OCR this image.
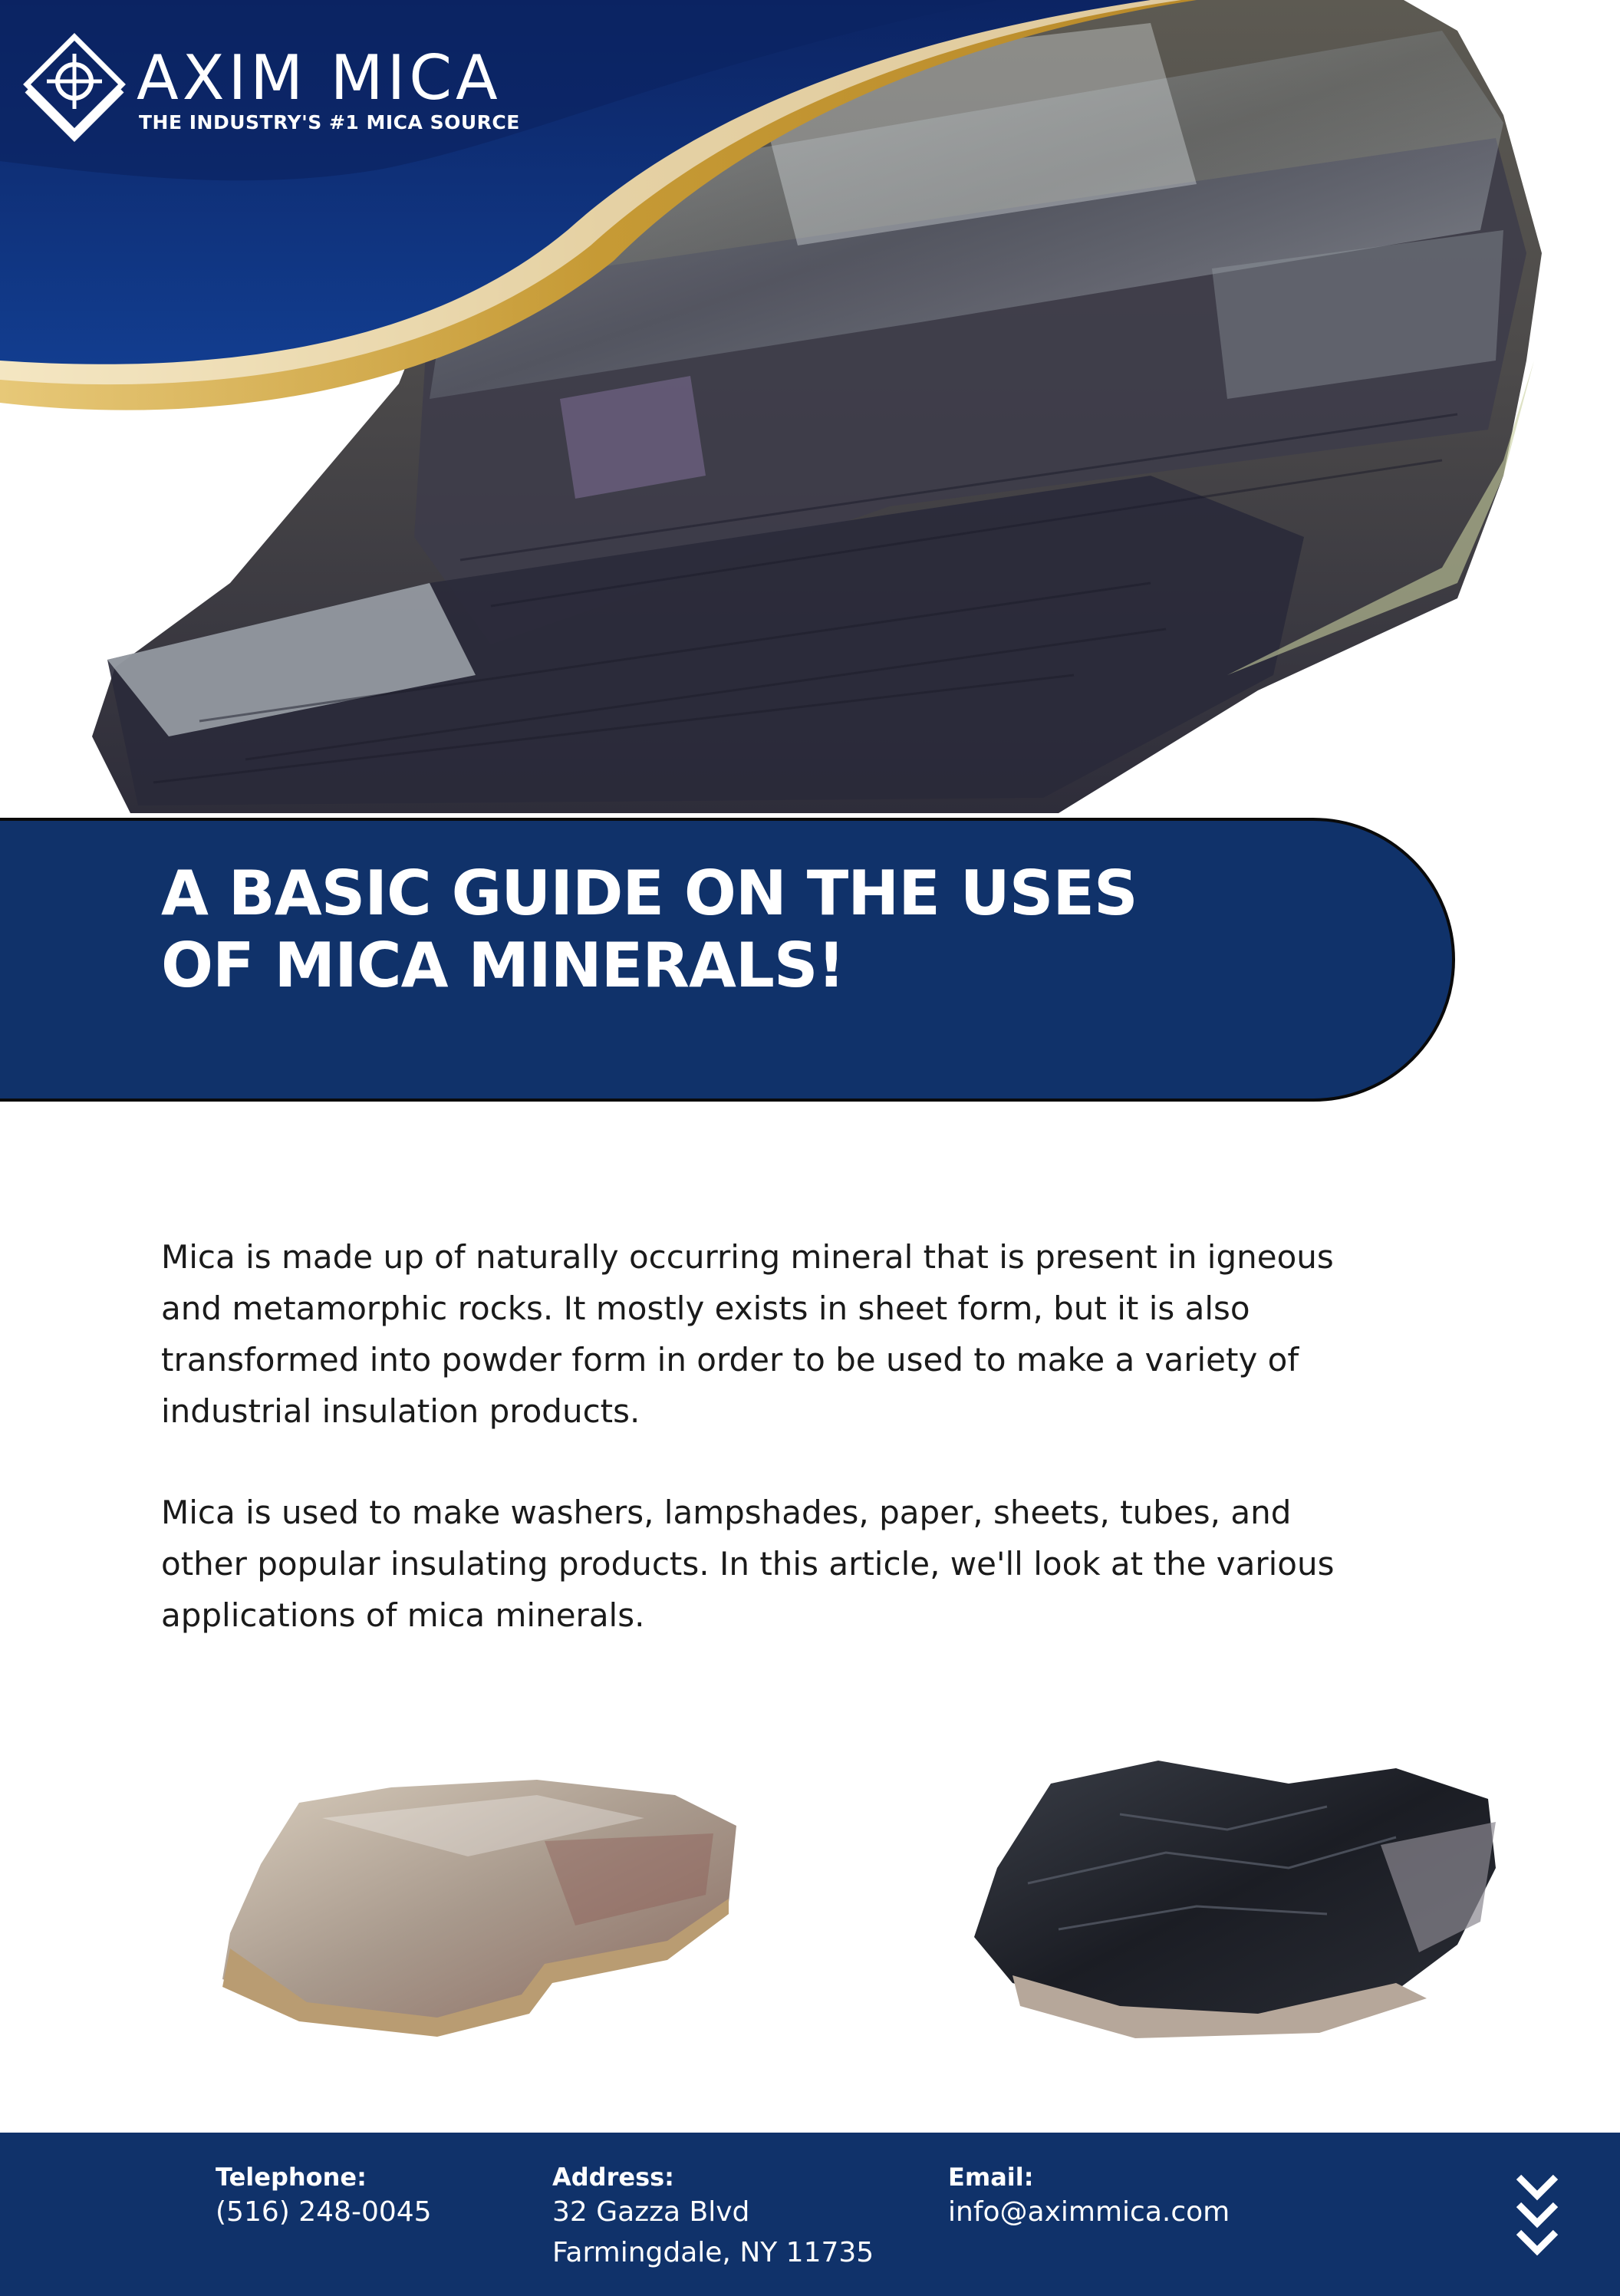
AXIM MICA
THE INDUSTRY'S #1 MICA SOURCE
A BASIC GUIDE ON THE USES
OF MICA MINERALS!
Mica is made up of naturally occurring mineral that is present in igneous
and metamorphic rocks. It mostly exists in sheet form, but it is also
transformed into powder form in order to be used to make a variety of
industrial insulation products.
Mica is used to make washers, lampshades, paper, sheets, tubes, and
other popular insulating products. In this article, we'll look at the various
applications of mica minerals.
Telephone:
(516) 248-0045
Address:
32 Gazza Blvd
Farmingdale, NY 11735
Email:
info@aximmica.com
